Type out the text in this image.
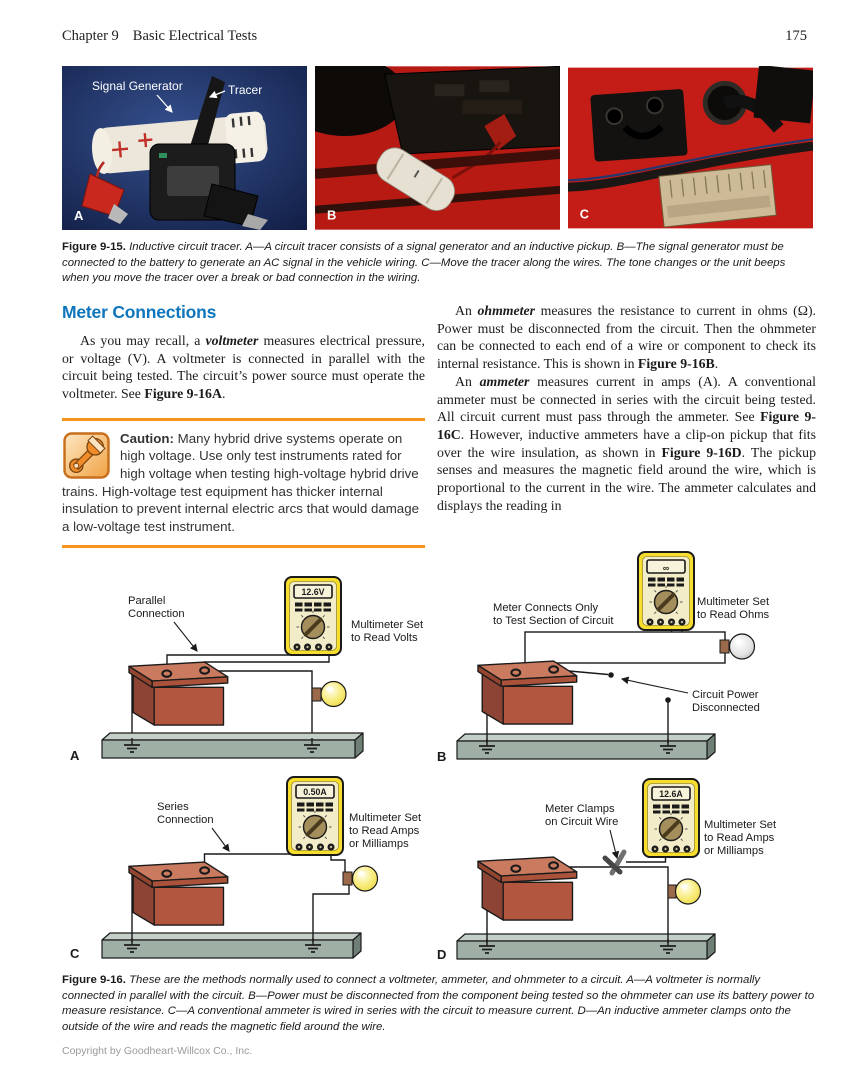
Chapter 9 Basic Electrical Tests	175
Signal Generator	Tracer
A	B	C

Figure 9-15. Inductive circuit tracer. A—A circuit tracer consists of a signal generator and an inductive pickup. B—The signal generator must be connected to the battery to generate an AC signal in the vehicle wiring. C—Move the tracer along the wires. The tone changes or the unit beeps when you move the tracer over a break or bad connection in the wiring.

Meter Connections

As you may recall, a voltmeter measures electrical pressure, or voltage (V). A voltmeter is connected in parallel with the circuit being tested. The circuit’s power source must operate the voltmeter. See Figure 9-16A.

Caution: Many hybrid drive systems operate on high voltage. Use only test instruments rated for high voltage when testing high-voltage hybrid drive trains. High-voltage test equipment has thicker internal insulation to prevent internal electric arcs that would damage a low-voltage test instrument.

An ohmmeter measures the resistance to current in ohms (Ω). Power must be disconnected from the circuit. Then the ohmmeter can be connected to each end of a wire or component to check its internal resistance. This is shown in Figure 9-16B.

An ammeter measures current in amps (A). A conventional ammeter must be connected in series with the circuit being tested. All circuit current must pass through the ammeter. See Figure 9-16C. However, inductive ammeters have a clip-on pickup that fits over the wire insulation, as shown in Figure 9-16D. The pickup senses and measures the magnetic field around the wire, which is proportional to the current in the wire. The ammeter calculates and displays the reading in

12.6V
Parallel
Connection
Multimeter Set
to Read Volts
A
∞
Meter Connects Only
to Test Section of Circuit
Multimeter Set
to Read Ohms
Circuit Power
Disconnected
B
0.50A
Series
Connection	Multimeter Set
to Read Amps
or Milliamps
C
12.6A
Meter Clamps
on Circuit Wire	Multimeter Set
to Read Amps
or Milliamps
D

Figure 9-16. These are the methods normally used to connect a voltmeter, ammeter, and ohmmeter to a circuit. A—A voltmeter is normally connected in parallel with the circuit. B—Power must be disconnected from the component being tested so the ohmmeter can use its battery power to measure resistance. C—A conventional ammeter is wired in series with the circuit to measure current. D—An inductive ammeter clamps onto the outside of the wire and reads the magnetic field around the wire.

Copyright by Goodheart-Willcox Co., Inc.
